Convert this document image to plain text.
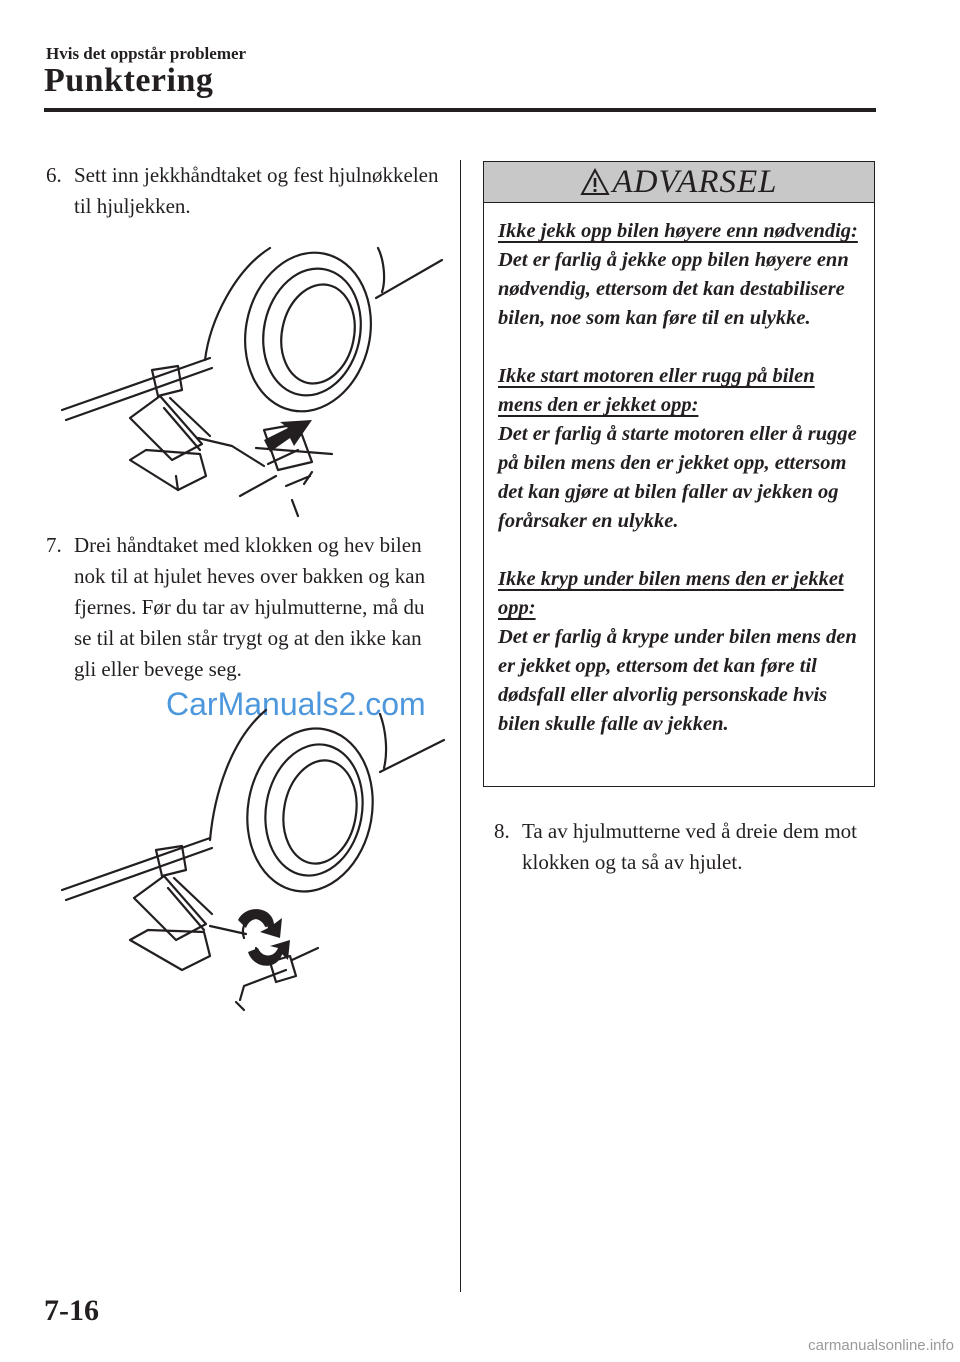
Hvis det oppstår problemer
Punktering
6. Sett inn jekkhåndtaket og fest hjulnøkkelen til hjuljekken.
7. Drei håndtaket med klokken og hev bilen nok til at hjulet heves over bakken og kan fjernes. Før du tar av hjulmutterne, må du se til at bilen står trygt og at den ikke kan gli eller bevege seg.
CarManuals2.com
ADVARSEL
Ikke jekk opp bilen høyere enn nødvendig:
Det er farlig å jekke opp bilen høyere enn nødvendig, ettersom det kan destabilisere bilen, noe som kan føre til en ulykke.
Ikke start motoren eller rugg på bilen mens den er jekket opp:
Det er farlig å starte motoren eller å rugge på bilen mens den er jekket opp, ettersom det kan gjøre at bilen faller av jekken og forårsaker en ulykke.
Ikke kryp under bilen mens den er jekket opp:
Det er farlig å krype under bilen mens den er jekket opp, ettersom det kan føre til dødsfall eller alvorlig personskade hvis bilen skulle falle av jekken.
8. Ta av hjulmutterne ved å dreie dem mot klokken og ta så av hjulet.
7-16
carmanualsonline.info
